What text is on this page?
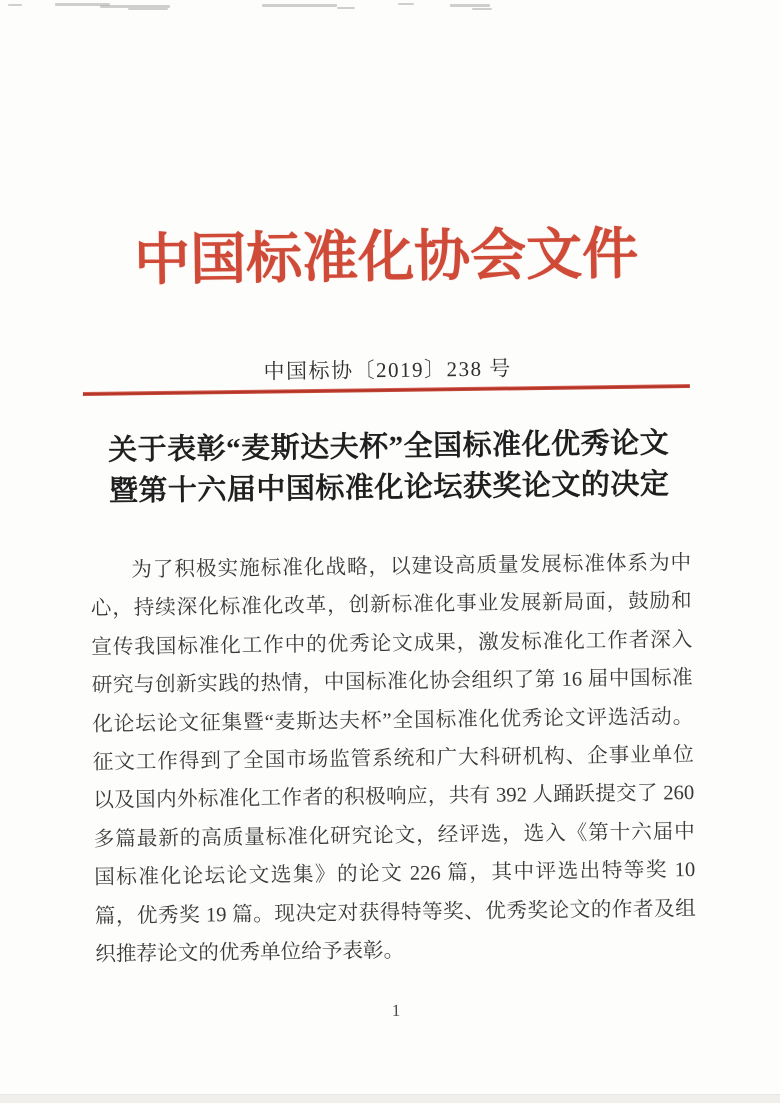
中国标准化协会文件
中国标协〔2019〕238 号
关于表彰“麦斯达夫杯”全国标准化优秀论文
暨第十六届中国标准化论坛获奖论文的决定
为了积极实施标准化战略，以建设高质量发展标准体系为中
心，持续深化标准化改革，创新标准化事业发展新局面，鼓励和
宣传我国标准化工作中的优秀论文成果，激发标准化工作者深入
研究与创新实践的热情，中国标准化协会组织了第 16 届中国标准
化论坛论文征集暨“麦斯达夫杯”全国标准化优秀论文评选活动。
征文工作得到了全国市场监管系统和广大科研机构、企事业单位
以及国内外标准化工作者的积极响应，共有 392 人踊跃提交了 260
多篇最新的高质量标准化研究论文，经评选，选入《第十六届中
国标准化论坛论文选集》的论文 226 篇，其中评选出特等奖 10
篇，优秀奖 19 篇。现决定对获得特等奖、优秀奖论文的作者及组
织推荐论文的优秀单位给予表彰。
1
